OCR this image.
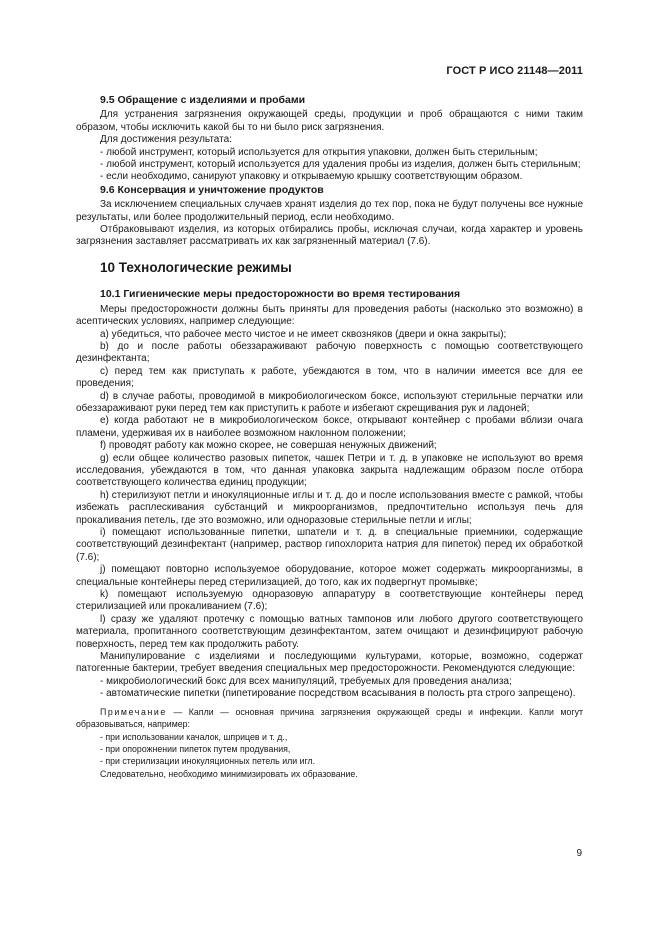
ГОСТ Р ИСО 21148—2011

9.5 Обращение с изделиями и пробами

Для устранения загрязнения окружающей среды, продукции и проб обращаются с ними таким образом, чтобы исключить какой бы то ни было риск загрязнения.

Для достижения результата:

- любой инструмент, который используется для открытия упаковки, должен быть стерильным;

- любой инструмент, который используется для удаления пробы из изделия, должен быть стерильным;

- если необходимо, санируют упаковку и открываемую крышку соответствующим образом.

9.6 Консервация и уничтожение продуктов

За исключением специальных случаев хранят изделия до тех пор, пока не будут получены все нужные результаты, или более продолжительный период, если необходимо.

Отбраковывают изделия, из которых отбирались пробы, исключая случаи, когда характер и уровень загрязнения заставляет рассматривать их как загрязненный материал (7.6).

10 Технологические режимы

10.1 Гигиенические меры предосторожности во время тестирования

Меры предосторожности должны быть приняты для проведения работы (насколько это возможно) в асептических условиях, например следующие:

a) убедиться, что рабочее место чистое и не имеет сквозняков (двери и окна закрыты);

b) до и после работы обеззараживают рабочую поверхность с помощью соответствующего дезинфектанта;

c) перед тем как приступать к работе, убеждаются в том, что в наличии имеется все для ее проведения;

d) в случае работы, проводимой в микробиологическом боксе, используют стерильные перчатки или обеззараживают руки перед тем как приступить к работе и избегают скрещивания рук и ладоней;

e) когда работают не в микробиологическом боксе, открывают контейнер с пробами вблизи очага пламени, удерживая их в наиболее возможном наклонном положении;

f) проводят работу как можно скорее, не совершая ненужных движений;

g) если общее количество разовых пипеток, чашек Петри и т. д. в упаковке не используют во время исследования, убеждаются в том, что данная упаковка закрыта надлежащим образом после отбора соответствующего количества единиц продукции;

h) стерилизуют петли и инокуляционные иглы и т. д. до и после использования вместе с рамкой, чтобы избежать расплескивания субстанций и микроорганизмов, предпочтительно используя печь для прокаливания петель, где это возможно, или одноразовые стерильные петли и иглы;

i) помещают использованные пипетки, шпатели и т. д. в специальные приемники, содержащие соответствующий дезинфектант (например, раствор гипохлорита натрия для пипеток) перед их обработкой (7.6);

j) помещают повторно используемое оборудование, которое может содержать микроорганизмы, в специальные контейнеры перед стерилизацией, до того, как их подвергнут промывке;

k) помещают используемую одноразовую аппаратуру в соответствующие контейнеры перед стерилизацией или прокаливанием (7.6);

l) сразу же удаляют протечку с помощью ватных тампонов или любого другого соответствующего материала, пропитанного соответствующим дезинфектантом, затем очищают и дезинфицируют рабочую поверхность, перед тем как продолжить работу.

Манипулирование с изделиями и последующими культурами, которые, возможно, содержат патогенные бактерии, требует введения специальных мер предосторожности. Рекомендуются следующие:

- микробиологический бокс для всех манипуляций, требуемых для проведения анализа;

- автоматические пипетки (пипетирование посредством всасывания в полость рта строго запрещено).

Примечание — Капли — основная причина загрязнения окружающей среды и инфекции. Капли могут образовываться, например:

- при использовании качалок, шприцев и т. д.,

- при опорожнении пипеток путем продувания,

- при стерилизации инокуляционных петель или игл.

Следовательно, необходимо минимизировать их образование.

9
